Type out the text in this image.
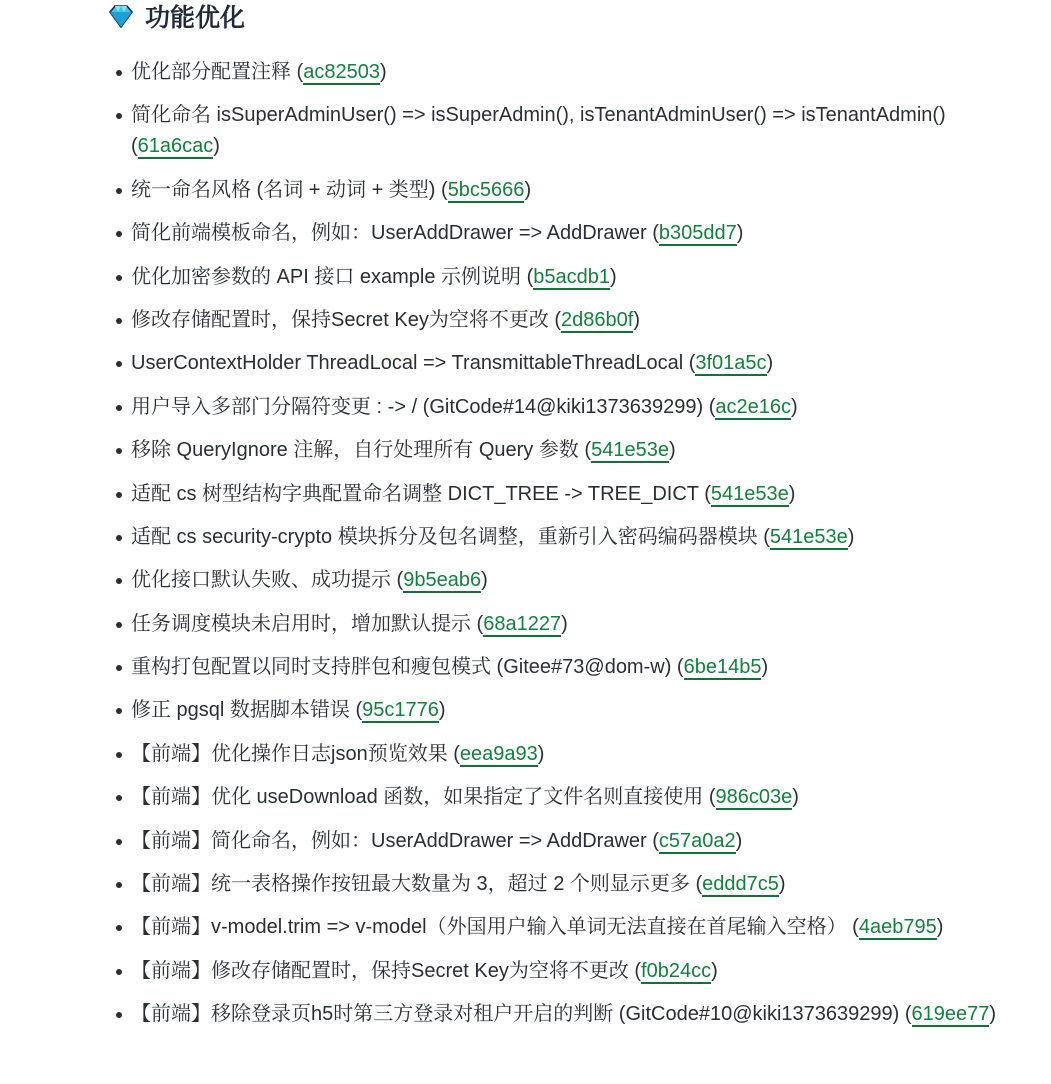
功能优化
优化部分配置注释 (ac82503)
简化命名 isSuperAdminUser() => isSuperAdmin(), isTenantAdminUser() => isTenantAdmin() (61a6cac)
统一命名风格 (名词 + 动词 + 类型) (5bc5666)
简化前端模板命名，例如：UserAddDrawer => AddDrawer (b305dd7)
优化加密参数的 API 接口 example 示例说明 (b5acdb1)
修改存储配置时，保持Secret Key为空将不更改 (2d86b0f)
UserContextHolder ThreadLocal => TransmittableThreadLocal (3f01a5c)
用户导入多部门分隔符变更 : -> / (GitCode#14@kiki1373639299) (ac2e16c)
移除 QueryIgnore 注解，自行处理所有 Query 参数 (541e53e)
适配 cs 树型结构字典配置命名调整 DICT_TREE -> TREE_DICT (541e53e)
适配 cs security-crypto 模块拆分及包名调整，重新引入密码编码器模块 (541e53e)
优化接口默认失败、成功提示 (9b5eab6)
任务调度模块未启用时，增加默认提示 (68a1227)
重构打包配置以同时支持胖包和瘦包模式 (Gitee#73@dom-w) (6be14b5)
修正 pgsql 数据脚本错误 (95c1776)
【前端】优化操作日志json预览效果 (eea9a93)
【前端】优化 useDownload 函数，如果指定了文件名则直接使用 (986c03e)
【前端】简化命名，例如：UserAddDrawer => AddDrawer (c57a0a2)
【前端】统一表格操作按钮最大数量为 3，超过 2 个则显示更多 (eddd7c5)
【前端】v-model.trim => v-model（外国用户输入单词无法直接在首尾输入空格） (4aeb795)
【前端】修改存储配置时，保持Secret Key为空将不更改 (f0b24cc)
【前端】移除登录页h5时第三方登录对租户开启的判断 (GitCode#10@kiki1373639299) (619ee77)
